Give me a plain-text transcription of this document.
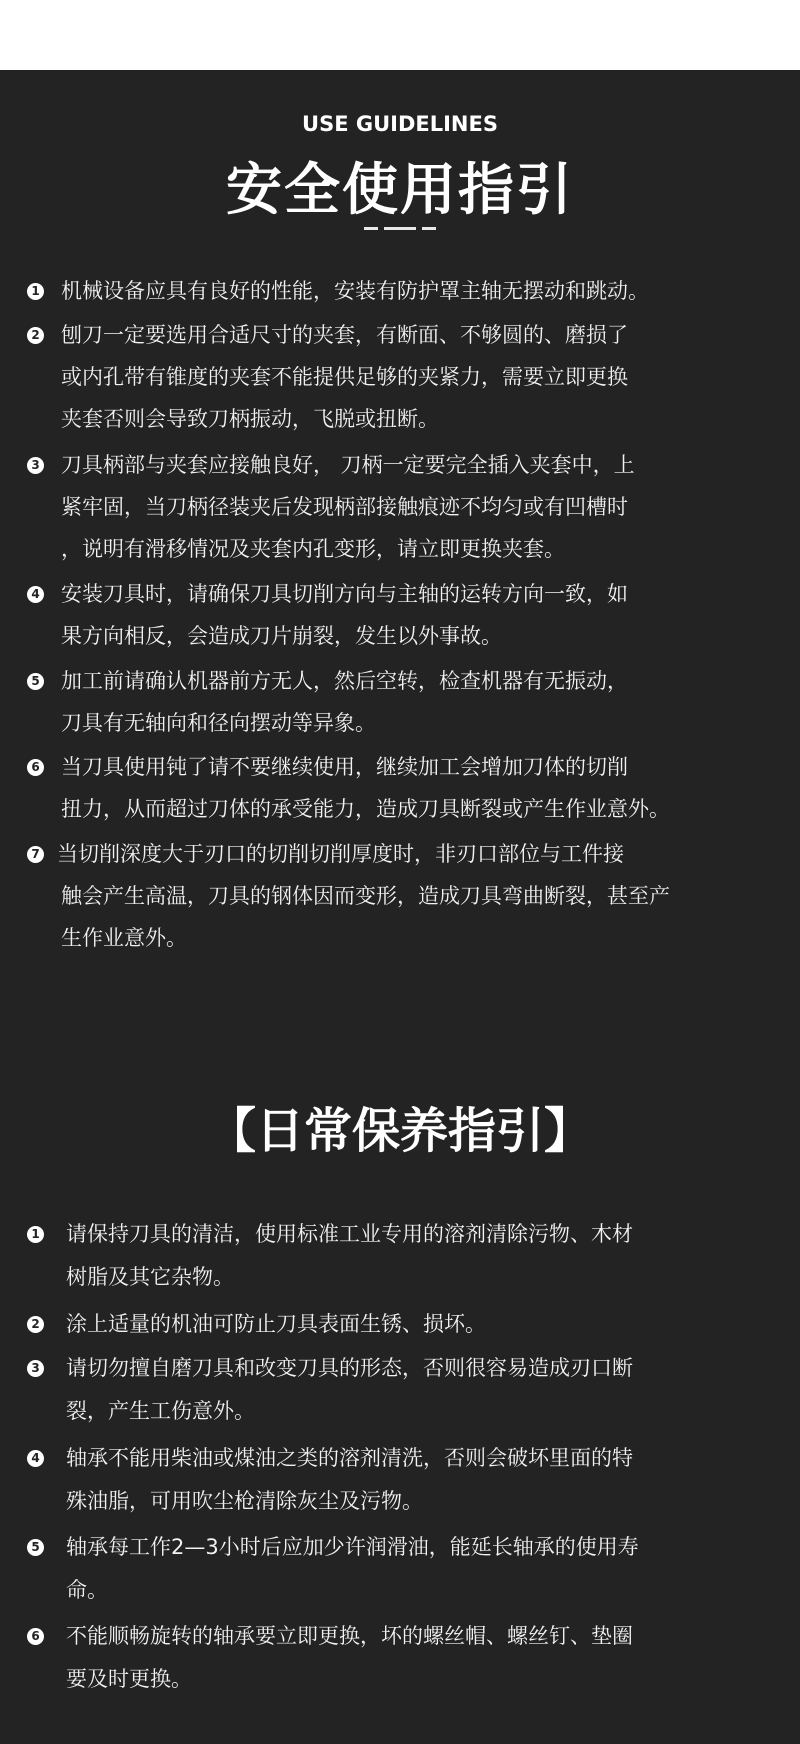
USE GUIDELINES
安全使用指引
1 机械设备应具有良好的性能，安装有防护罩主轴无摆动和跳动。
2 刨刀一定要选用合适尺寸的夹套，有断面、不够圆的、磨损了
或内孔带有锥度的夹套不能提供足够的夹紧力，需要立即更换
夹套否则会导致刀柄振动，飞脱或扭断。
3 刀具柄部与夹套应接触良好， 刀柄一定要完全插入夹套中，上
紧牢固，当刀柄径装夹后发现柄部接触痕迹不均匀或有凹槽时
，说明有滑移情况及夹套内孔变形，请立即更换夹套。
4 安装刀具时，请确保刀具切削方向与主轴的运转方向一致，如
果方向相反，会造成刀片崩裂，发生以外事故。
5 加工前请确认机器前方无人，然后空转，检查机器有无振动，
刀具有无轴向和径向摆动等异象。
6 当刀具使用钝了请不要继续使用，继续加工会增加刀体的切削
扭力，从而超过刀体的承受能力，造成刀具断裂或产生作业意外。
7 当切削深度大于刃口的切削切削厚度时，非刃口部位与工件接
触会产生高温，刀具的钢体因而变形，造成刀具弯曲断裂，甚至产
生作业意外。
【日常保养指引】
1 请保持刀具的清洁，使用标准工业专用的溶剂清除污物、木材
树脂及其它杂物。
2 涂上适量的机油可防止刀具表面生锈、损坏。
3 请切勿擅自磨刀具和改变刀具的形态，否则很容易造成刃口断
裂，产生工伤意外。
4 轴承不能用柴油或煤油之类的溶剂清洗，否则会破坏里面的特
殊油脂，可用吹尘枪清除灰尘及污物。
5 轴承每工作2—3小时后应加少许润滑油，能延长轴承的使用寿
命。
6 不能顺畅旋转的轴承要立即更换，坏的螺丝帽、螺丝钉、垫圈
要及时更换。
